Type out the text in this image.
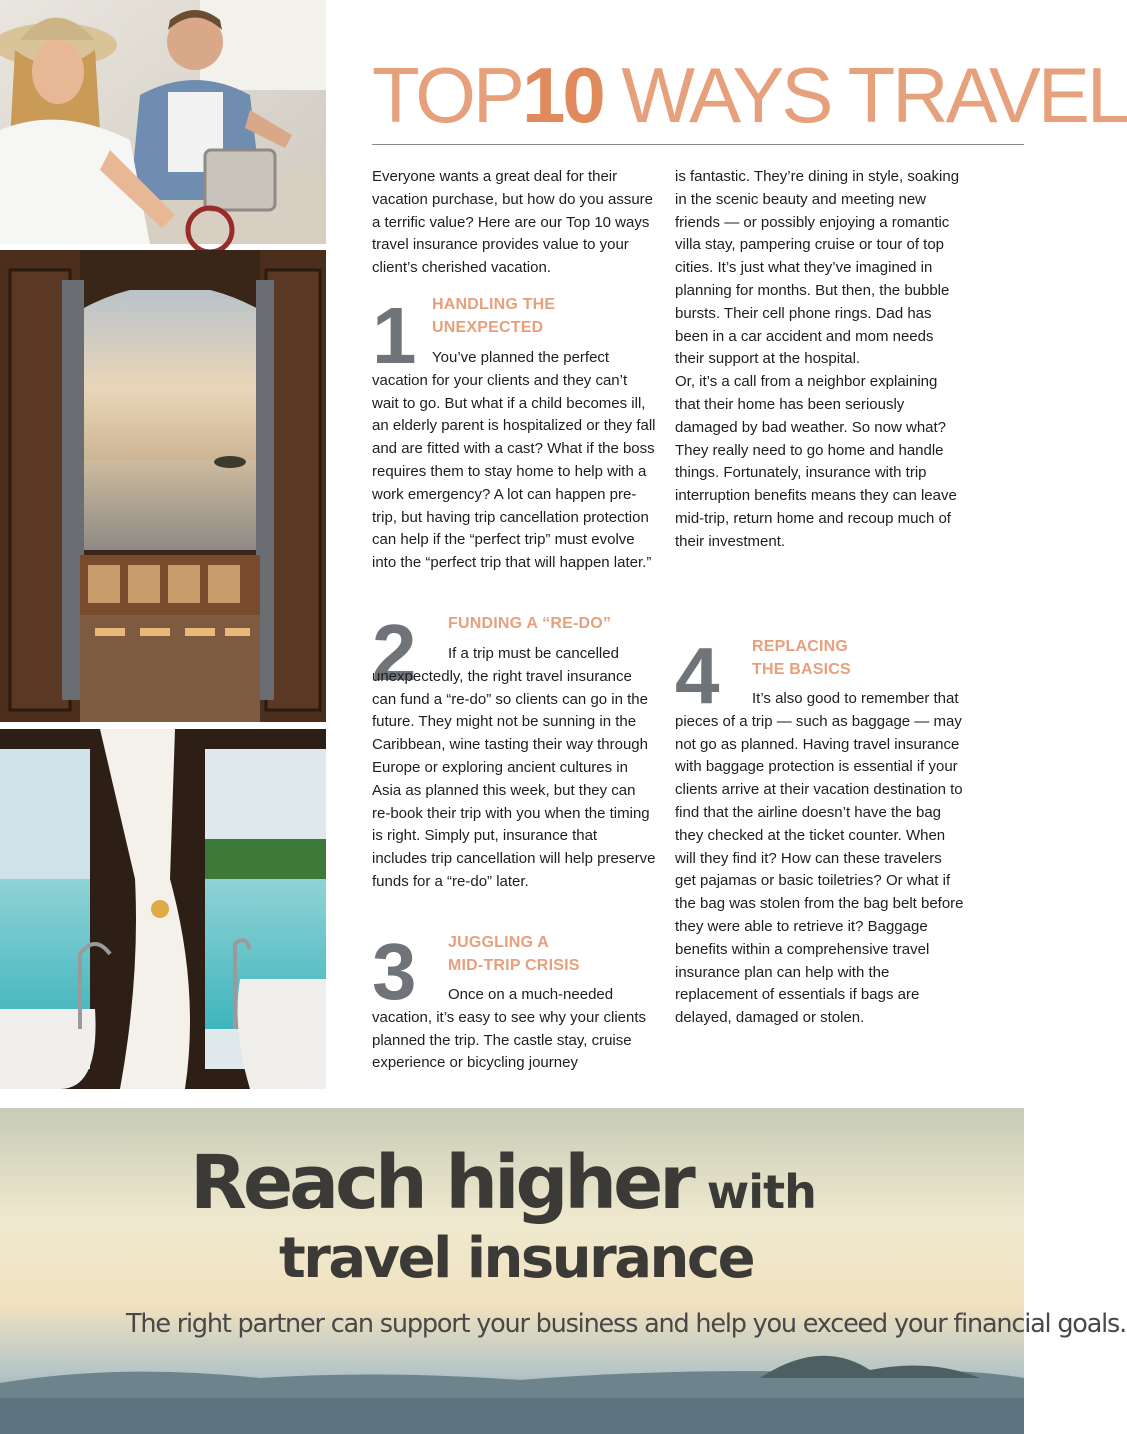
TOP10 WAYS TRAVEL

Everyone wants a great deal for their vacation purchase, but how do you assure a terrific value? Here are our Top 10 ways travel insurance provides value to your client’s cherished vacation.

1 HANDLING THE
UNEXPECTED

You’ve planned the perfect vacation for your clients and they can’t wait to go. But what if a child becomes ill, an elderly parent is hospitalized or they fall and are fitted with a cast? What if the boss requires them to stay home to help with a work emergency? A lot can happen pre-trip, but having trip cancellation protection can help if the “perfect trip” must evolve into the “perfect trip that will happen later.”

2 FUNDING A “RE-DO”

If a trip must be cancelled unexpectedly, the right travel insurance can fund a “re-do” so clients can go in the future. They might not be sunning in the Caribbean, wine tasting their way through Europe or exploring ancient cultures in Asia as planned this week, but they can re-book their trip with you when the timing is right. Simply put, insurance that includes trip cancellation will help preserve funds for a “re-do” later.

3 JUGGLING A
MID-TRIP CRISIS

Once on a much-needed vacation, it’s easy to see why your clients planned the trip. The castle stay, cruise experience or bicycling journey

is fantastic. They’re dining in style, soaking in the scenic beauty and meeting new friends — or possibly enjoying a romantic villa stay, pampering cruise or tour of top cities. It’s just what they’ve imagined in planning for months. But then, the bubble bursts. Their cell phone rings. Dad has been in a car accident and mom needs their support at the hospital.

Or, it’s a call from a neighbor explaining that their home has been seriously damaged by bad weather. So now what? They really need to go home and handle things. Fortunately, insurance with trip interruption benefits means they can leave mid-trip, return home and recoup much of their investment.

4 REPLACING
THE BASICS

It’s also good to remember that pieces of a trip — such as baggage — may not go as planned. Having travel insurance with baggage protection is essential if your clients arrive at their vacation destination to find that the airline doesn’t have the bag they checked at the ticket counter. When will they find it? How can these travelers get pajamas or basic toiletries? Or what if the bag was stolen from the bag belt before they were able to retrieve it? Baggage benefits within a comprehensive travel insurance plan can help with the replacement of essentials if bags are delayed, damaged or stolen.

Reach higher with
travel insurance
The right partner can support your business and help you exceed your financial goals.
